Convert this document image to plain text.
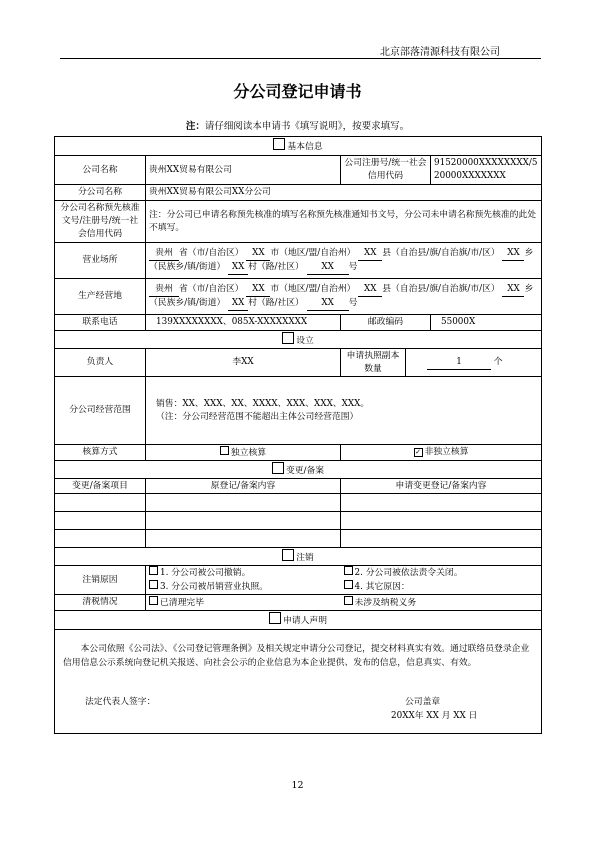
北京部落清源科技有限公司
分公司登记申请书
注：请仔细阅读本申请书《填写说明》，按要求填写。
基本信息				
公司名称	贵州XX贸易有限公司	公司注册号/统一社会信用代码		91520000XXXXXXXX/520000XXXXXXX
分公司名称	贵州XX贸易有限公司XX分公司			
分公司名称预先核准文号/注册号/统一社会信用代码	注：分公司已申请名称预先核准的填写名称预先核准通知书文号，分公司未申请名称预先核准的此处不填写。			
营业场所	贵州 省（市/自治区） XX 市（地区/盟/自治州） XX 县（自治县/旗/自治旗/市/区） XX 乡（民族乡/镇/街道） XX 村（路/社区） XX 号			
生产经营地	贵州 省（市/自治区） XX 市（地区/盟/自治州） XX 县（自治县/旗/自治旗/市/区） XX 乡（民族乡/镇/街道） XX 村（路/社区） XX 号			
联系电话	139XXXXXXXX、085X-XXXXXXXX	邮政编码		55000X
设立				
负责人	李XX	申请执照副本数量	1 个	
分公司经营范围	销售：XX、XXX、XX、XXXX、XXX、XXX、XXX。
（注：分公司经营范围不能超出主体公司经营范围）			

核算方式	独立核算	✓ 非独立核算		
变更/备案				
变更/备案项目	原登记/备案内容	申请变更登记/备案内容		

注销				
注销原因	1. 分公司被公司撤销。 2. 分公司被依法责令关闭。
3. 分公司被吊销营业执照。 4. 其它原因：			

清税情况	已清理完毕 未涉及纳税义务			

申请人声明				

本公司依照《公司法》、《公司登记管理条例》及相关规定申请分公司登记，提交材料真实有效。通过联络员登录企业信用信息公示系统向登记机关报送、向社会公示的企业信息为本企业提供、发布的信息，信息真实、有效。
法定代表人签字： 公司盖章
20XX年 XX 月 XX 日				
12
